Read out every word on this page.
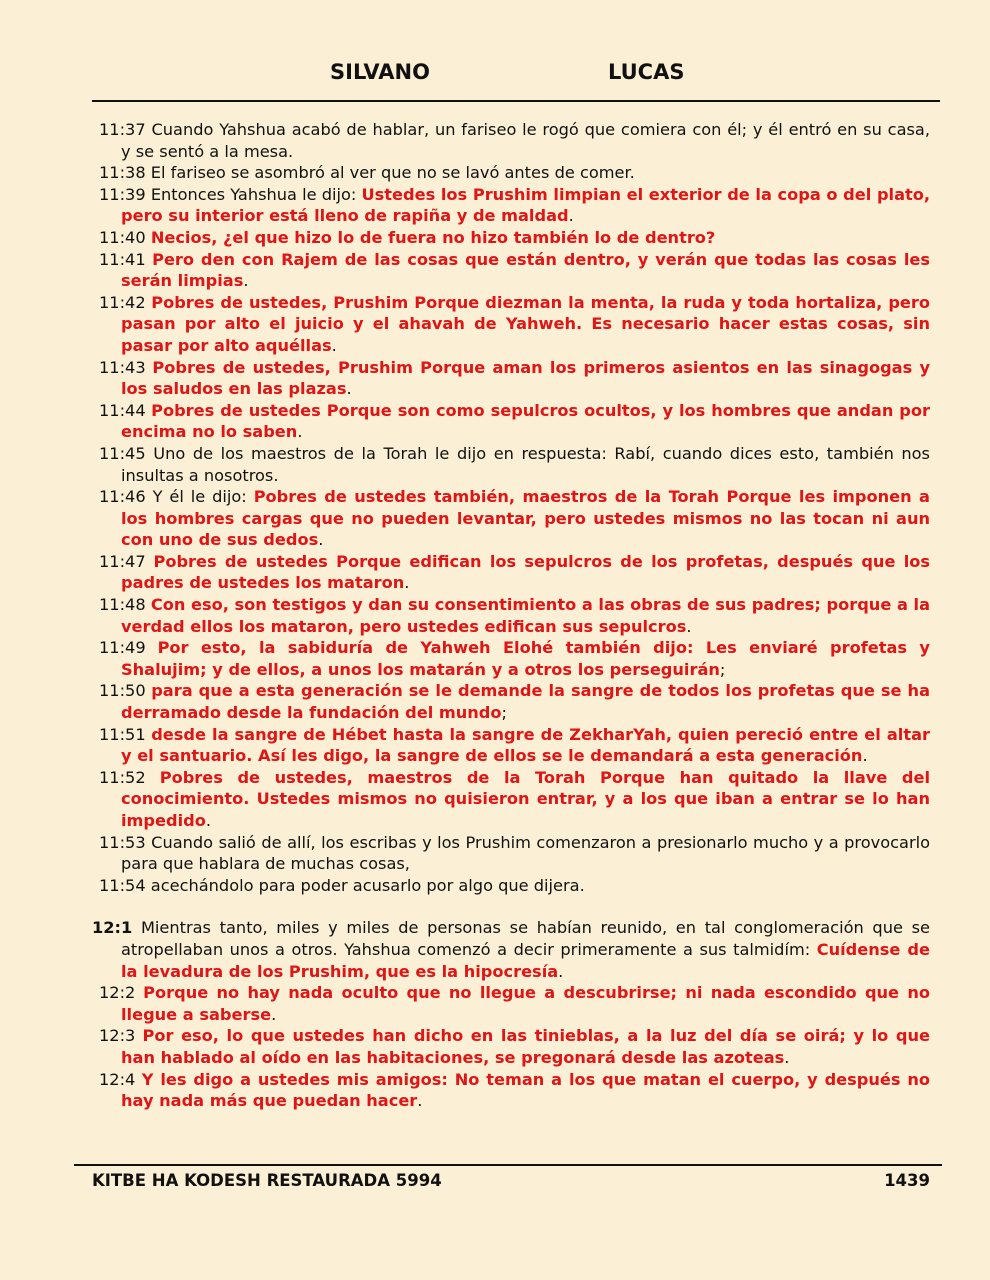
SILVANO	LUCAS
11:37 Cuando Yahshua acabó de hablar, un fariseo le rogó que comiera con él; y él entró en su casa, y se sentó a la mesa.
11:38 El fariseo se asombró al ver que no se lavó antes de comer.
11:39 Entonces Yahshua le dijo: Ustedes los Prushim limpian el exterior de la copa o del plato, pero su interior está lleno de rapiña y de maldad.
11:40 Necios, ¿el que hizo lo de fuera no hizo también lo de dentro?
11:41 Pero den con Rajem de las cosas que están dentro, y verán que todas las cosas les serán limpias.
11:42 Pobres de ustedes, Prushim Porque diezman la menta, la ruda y toda hortaliza, pero pasan por alto el juicio y el ahavah de Yahweh. Es necesario hacer estas cosas, sin pasar por alto aquéllas.
11:43 Pobres de ustedes, Prushim Porque aman los primeros asientos en las sinagogas y los saludos en las plazas.
11:44 Pobres de ustedes Porque son como sepulcros ocultos, y los hombres que andan por encima no lo saben.
11:45 Uno de los maestros de la Torah le dijo en respuesta: Rabí, cuando dices esto, también nos insultas a nosotros.
11:46 Y él le dijo: Pobres de ustedes también, maestros de la Torah Porque les imponen a los hombres cargas que no pueden levantar, pero ustedes mismos no las tocan ni aun con uno de sus dedos.
11:47 Pobres de ustedes Porque edifican los sepulcros de los profetas, después que los padres de ustedes los mataron.
11:48 Con eso, son testigos y dan su consentimiento a las obras de sus padres; porque a la verdad ellos los mataron, pero ustedes edifican sus sepulcros.
11:49 Por esto, la sabiduría de Yahweh Elohé también dijo: Les enviaré profetas y Shalujim; y de ellos, a unos los matarán y a otros los perseguirán;
11:50 para que a esta generación se le demande la sangre de todos los profetas que se ha derramado desde la fundación del mundo;
11:51 desde la sangre de Hébet hasta la sangre de ZekharYah, quien pereció entre el altar y el santuario. Así les digo, la sangre de ellos se le demandará a esta generación.
11:52 Pobres de ustedes, maestros de la Torah Porque han quitado la llave del conocimiento. Ustedes mismos no quisieron entrar, y a los que iban a entrar se lo han impedido.
11:53 Cuando salió de allí, los escribas y los Prushim comenzaron a presionarlo mucho y a provocarlo para que hablara de muchas cosas,
11:54 acechándolo para poder acusarlo por algo que dijera.
12:1 Mientras tanto, miles y miles de personas se habían reunido, en tal conglomeración que se atropellaban unos a otros. Yahshua comenzó a decir primeramente a sus talmidím: Cuídense de la levadura de los Prushim, que es la hipocresía.
12:2 Porque no hay nada oculto que no llegue a descubrirse; ni nada escondido que no llegue a saberse.
12:3 Por eso, lo que ustedes han dicho en las tinieblas, a la luz del día se oirá; y lo que han hablado al oído en las habitaciones, se pregonará desde las azoteas.
12:4 Y les digo a ustedes mis amigos: No teman a los que matan el cuerpo, y después no hay nada más que puedan hacer.
KITBE HA KODESH RESTAURADA 5994	1439
